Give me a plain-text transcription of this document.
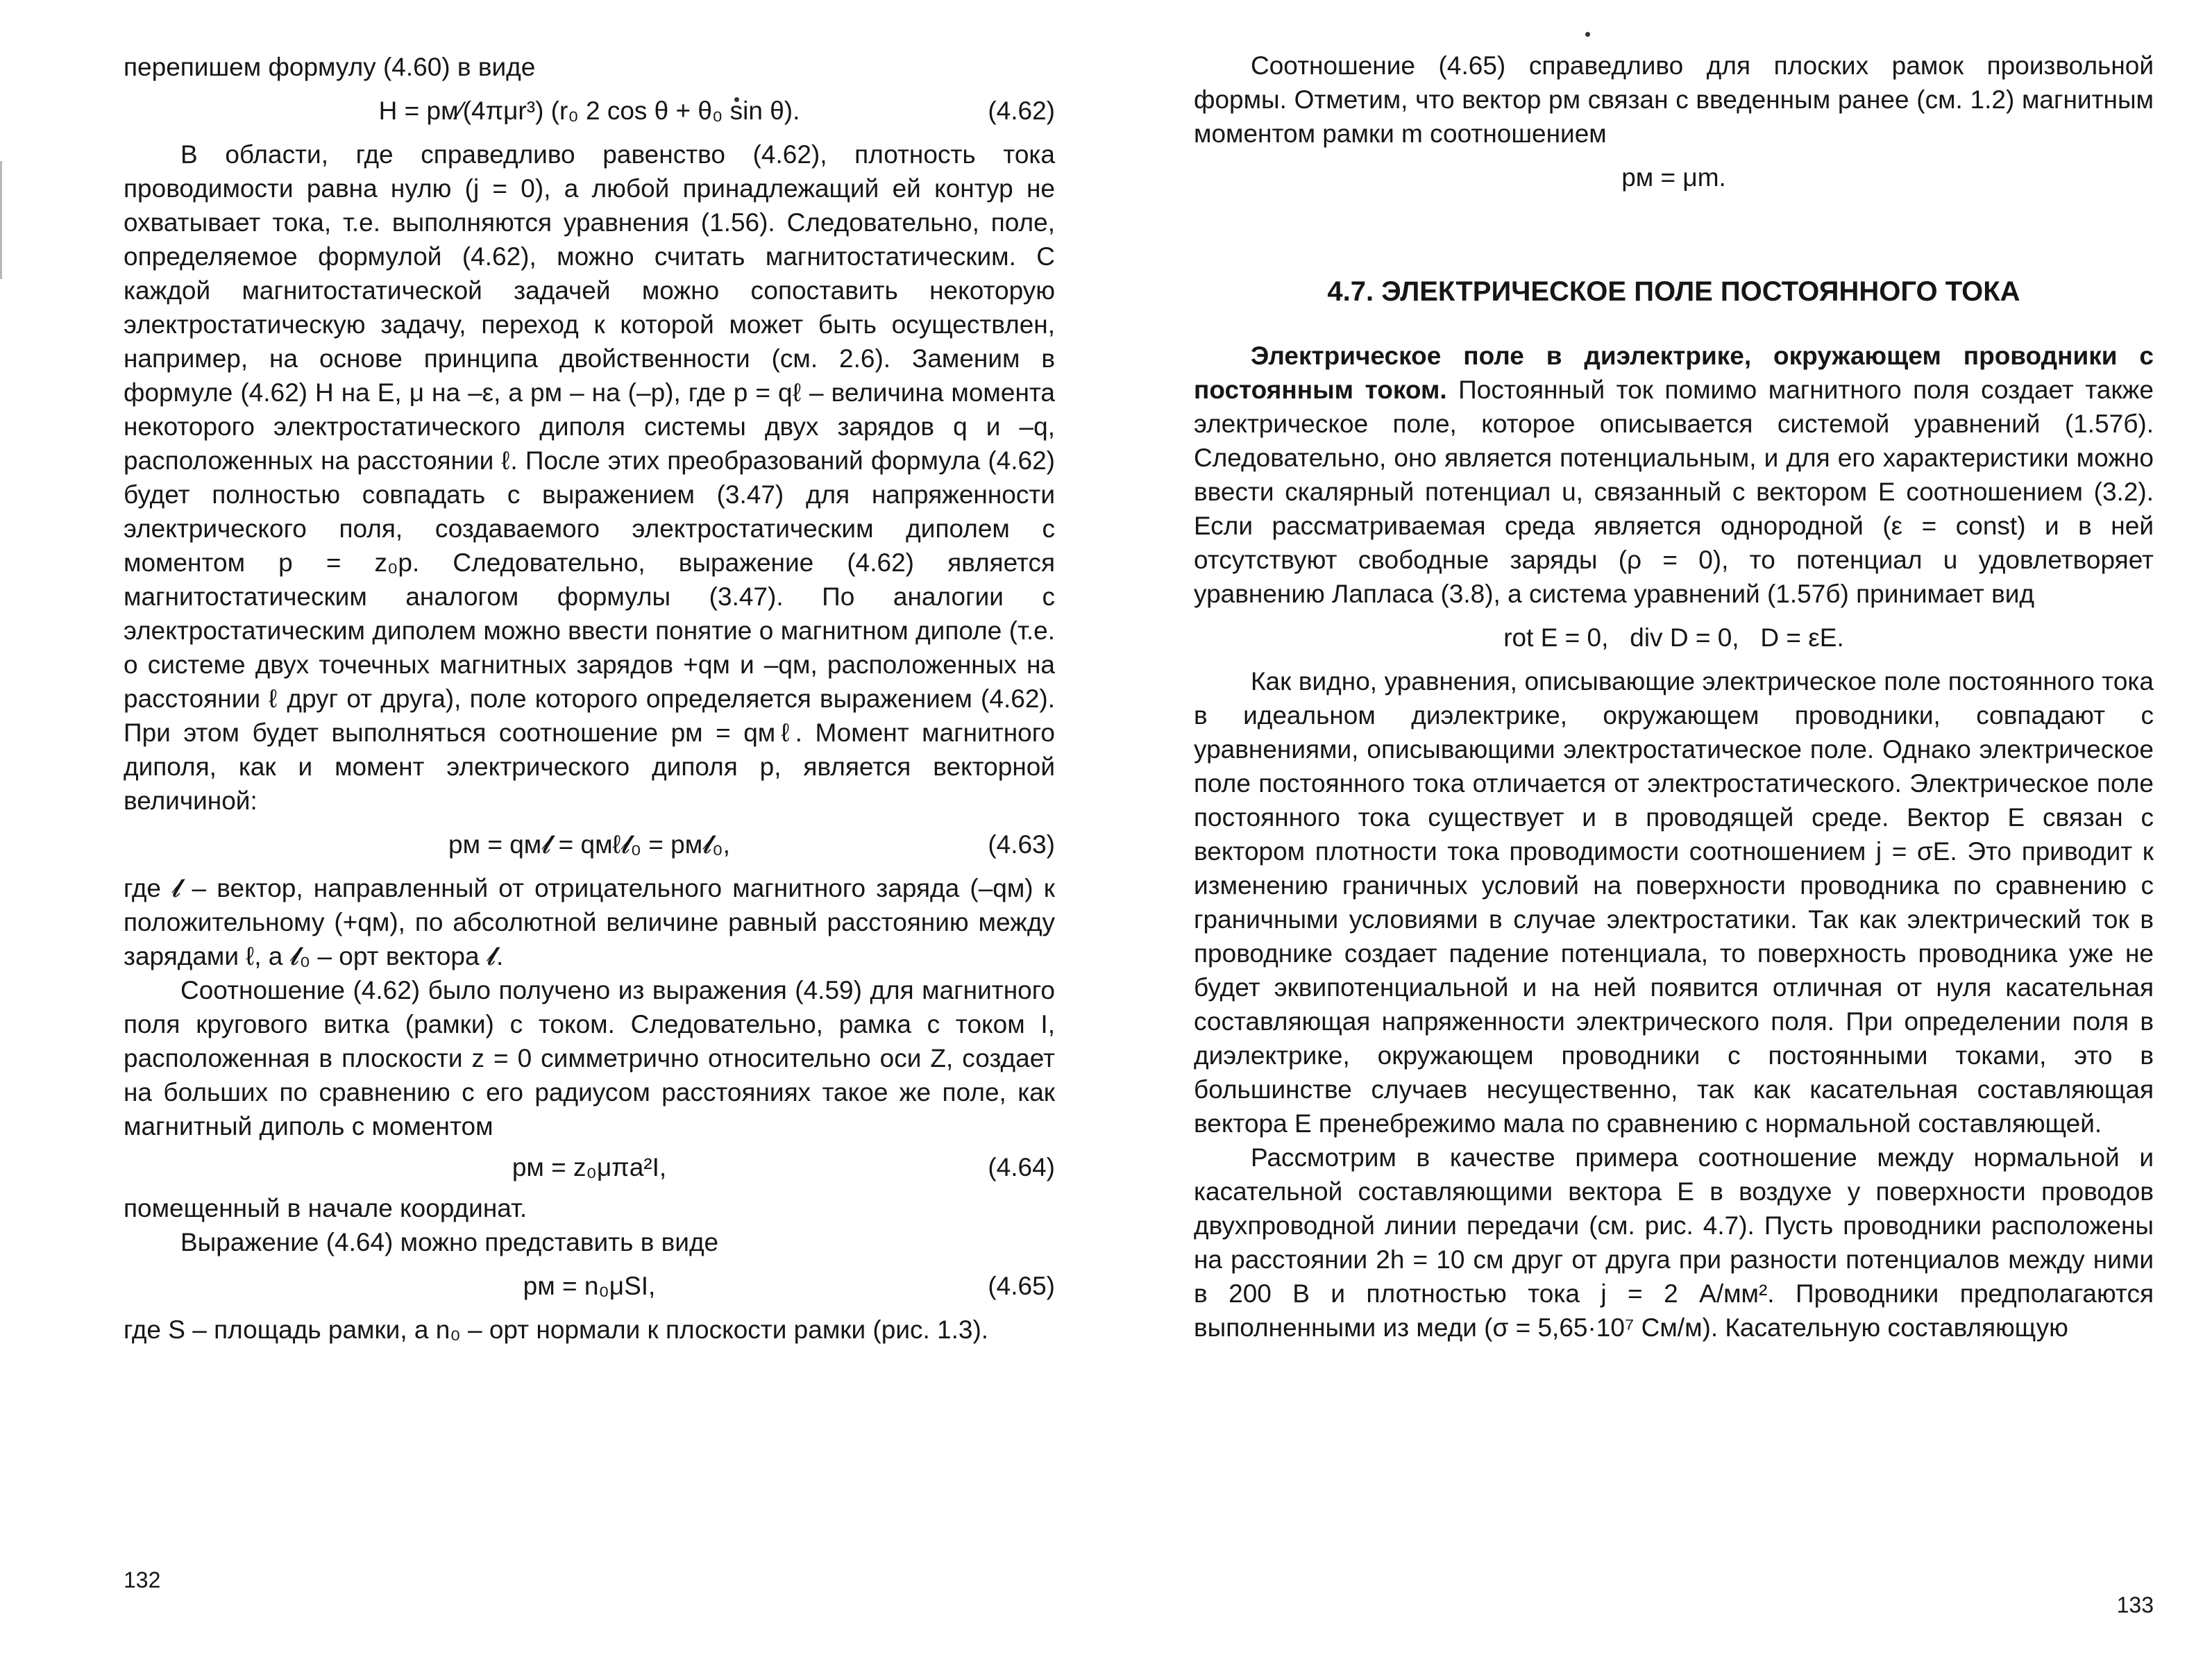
перепишем формулу (4.60) в виде

H = pм⁄(4πμr³) (r₀ 2 cos θ + θ₀ sin θ).	(4.62)

В области, где справедливо равенство (4.62), плотность тока проводимости равна нулю (j = 0), а любой принадлежащий ей контур не охватывает тока, т.е. выполняются уравнения (1.56). Следовательно, поле, определяемое формулой (4.62), можно считать магнитостатическим. С каждой магнитостатической задачей можно сопоставить некоторую электростатическую задачу, переход к которой может быть осуществлен, например, на основе принципа двойственности (см. 2.6). Заменим в формуле (4.62) H на E, μ на –ε, а pм – на (–p), где p = qℓ – величина момента некоторого электростатического диполя системы двух зарядов q и –q, расположенных на расстоянии ℓ. После этих преобразований формула (4.62) будет полностью совпадать с выражением (3.47) для напряженности электрического поля, создаваемого электростатическим диполем с моментом p = z₀p. Следовательно, выражение (4.62) является магнитостатическим аналогом формулы (3.47). По аналогии с электростатическим диполем можно ввести понятие о магнитном диполе (т.е. о системе двух точечных магнитных зарядов +qм и –qм, расположенных на расстоянии ℓ друг от друга), поле которого определяется выражением (4.62). При этом будет выполняться соотношение pм = qмℓ. Момент магнитного диполя, как и момент электрического диполя p, является векторной величиной:

pм = qм𝓵 = qмℓ𝓵₀ = pм𝓵₀,	(4.63)

где 𝓵 – вектор, направленный от отрицательного магнитного заряда (–qм) к положительному (+qм), по абсолютной величине равный расстоянию между зарядами ℓ, а 𝓵₀ – орт вектора 𝓵.

Соотношение (4.62) было получено из выражения (4.59) для магнитного поля кругового витка (рамки) с током. Следовательно, рамка с током I, расположенная в плоскости z = 0 симметрично относительно оси Z, создает на больших по сравнению с его радиусом расстояниях такое же поле, как магнитный диполь с моментом

pм = z₀μπa²I,	(4.64)

помещенный в начале координат.

Выражение (4.64) можно представить в виде

pм = n₀μSI,	(4.65)

где S – площадь рамки, а n₀ – орт нормали к плоскости рамки (рис. 1.3).

132

Соотношение (4.65) справедливо для плоских рамок произвольной формы. Отметим, что вектор pм связан с введенным ранее (см. 1.2) магнитным моментом рамки m соотношением

pм = μm.
4.7. ЭЛЕКТРИЧЕСКОЕ ПОЛЕ ПОСТОЯННОГО ТОКА

Электрическое поле в диэлектрике, окружающем проводники с постоянным током. Постоянный ток помимо магнитного поля создает также электрическое поле, которое описывается системой уравнений (1.57б). Следовательно, оно является потенциальным, и для его характеристики можно ввести скалярный потенциал u, связанный с вектором E соотношением (3.2). Если рассматриваемая среда является однородной (ε = const) и в ней отсутствуют свободные заряды (ρ = 0), то потенциал u удовлетворяет уравнению Лапласа (3.8), а система уравнений (1.57б) принимает вид

rot E = 0,   div D = 0,   D = εE.

Как видно, уравнения, описывающие электрическое поле постоянного тока в идеальном диэлектрике, окружающем проводники, совпадают с уравнениями, описывающими электростатическое поле. Однако электрическое поле постоянного тока отличается от электростатического. Электрическое поле постоянного тока существует и в проводящей среде. Вектор E связан с вектором плотности тока проводимости соотношением j = σE. Это приводит к изменению граничных условий на поверхности проводника по сравнению с граничными условиями в случае электростатики. Так как электрический ток в проводнике создает падение потенциала, то поверхность проводника уже не будет эквипотенциальной и на ней появится отличная от нуля касательная составляющая напряженности электрического поля. При определении поля в диэлектрике, окружающем проводники с постоянными токами, это в большинстве случаев несущественно, так как касательная составляющая вектора E пренебрежимо мала по сравнению с нормальной составляющей.

Рассмотрим в качестве примера соотношение между нормальной и касательной составляющими вектора E в воздухе у поверхности проводов двухпроводной линии передачи (см. рис. 4.7). Пусть проводники расположены на расстоянии 2h = 10 см друг от друга при разности потенциалов между ними в 200 В и плотностью тока j = 2 А/мм². Проводники предполагаются выполненными из меди (σ = 5,65·10⁷ См/м). Касательную составляющую

133
